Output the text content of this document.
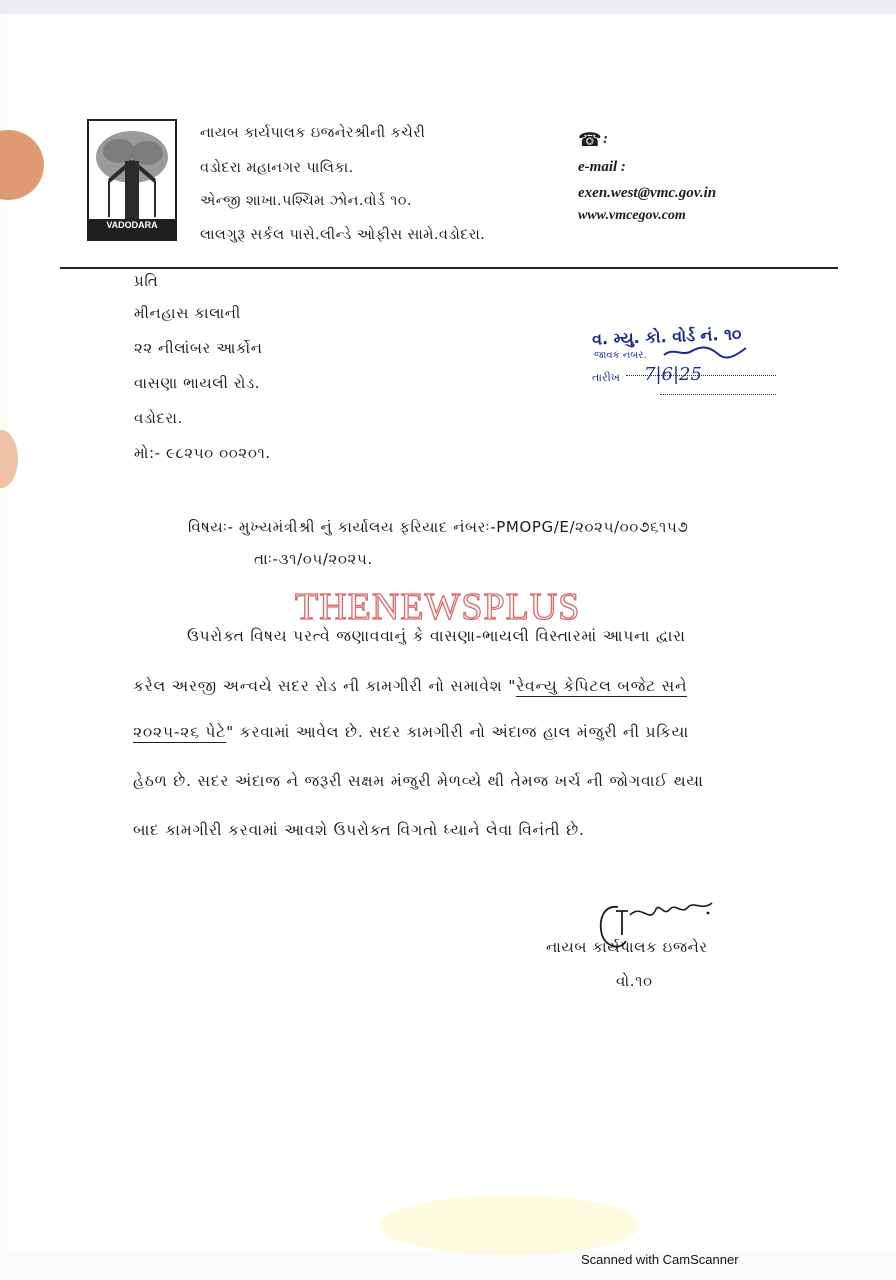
VADODARA
નાયબ કાર્યપાલક ઇજનેરશ્રીની કચેરી
વડોદરા મહાનગર પાલિકા.
એન્જી શાખા.પશ્ચિમ ઝોન.વોર્ડ ૧૦.
લાલગુરૂ સર્કલ પાસે.લીન્ડે ઓફીસ સામે.વડોદરા.
☎ :
e-mail :
exen.west@vmc.gov.in
www.vmcegov.com
પ્રતિ
મીનહાસ કાલાની
૨૨ નીલાંબર આર્કોન
વાસણા ભાયલી રોડ.
વડોદરા.
મો:- ૯૮૨૫૦ ૦૦૨૦૧.
વ. મ્યુ. કો. વોર્ડ નં. ૧૦
જાવક નંબર.
તારીખ 7|6|25
વિષયઃ- મુખ્યમંત્રીશ્રી નું કાર્યાલય ફરિયાદ નંબરઃ-PMOPG/E/૨૦૨૫/૦૦૭૬૧૫૭
તાઃ-૩૧/૦૫/૨૦૨૫.
THENEWSPLUS
ઉપરોક્ત વિષય પરત્વે જણાવવાનું કે વાસણા-ભાયલી વિસ્તારમાં આપના દ્વારા
કરેલ અરજી અન્વયે સદર રોડ ની કામગીરી નો સમાવેશ "રેવન્યુ કેપિટલ બજેટ સને
૨૦૨૫-૨૬ પેટે" કરવામાં આવેલ છે. સદર કામગીરી નો અંદાજ હાલ મંજુરી ની પ્રકિયા
હેઠળ છે. સદર અંદાજ ને જરૂરી સક્ષમ મંજુરી મેળવ્યે થી તેમજ ખર્ચ ની જોગવાઈ થયા
બાદ કામગીરી કરવામાં આવશે ઉપરોક્ત વિગતો ધ્યાને લેવા વિનંતી છે.
નાયબ કાર્યપાલક ઇજનેર
વો.૧૦
Scanned with CamScanner
